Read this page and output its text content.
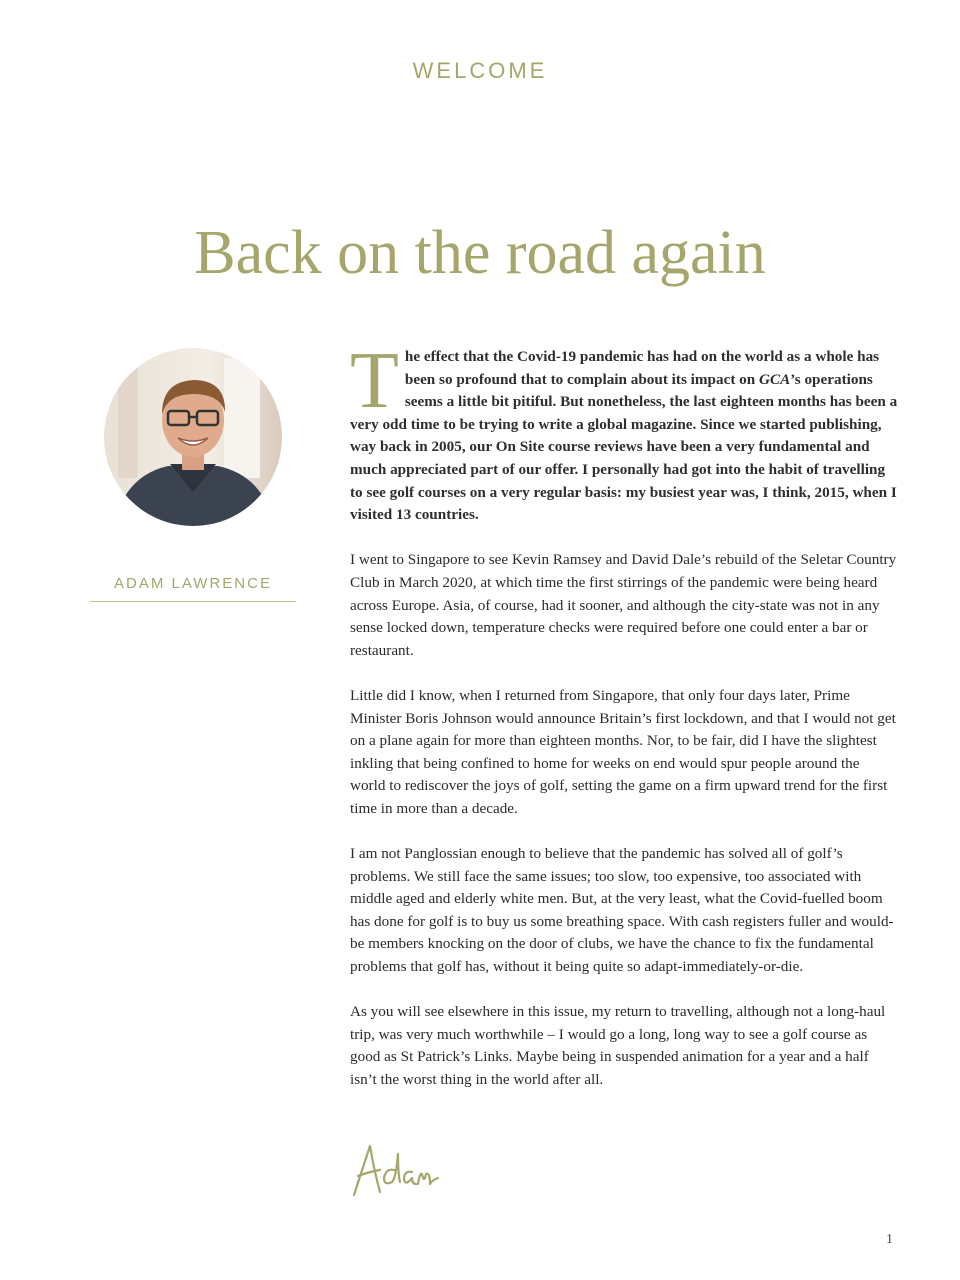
WELCOME
Back on the road again
ADAM LAWRENCE

The effect that the Covid-19 pandemic has had on the world as a whole has been so profound that to complain about its impact on GCA’s operations seems a little bit pitiful. But nonetheless, the last eighteen months has been a very odd time to be trying to write a global magazine. Since we started publishing, way back in 2005, our On Site course reviews have been a very fundamental and much appreciated part of our offer. I personally had got into the habit of travelling to see golf courses on a very regular basis: my busiest year was, I think, 2015, when I visited 13 countries.

I went to Singapore to see Kevin Ramsey and David Dale’s rebuild of the Seletar Country Club in March 2020, at which time the first stirrings of the pandemic were being heard across Europe. Asia, of course, had it sooner, and although the city-state was not in any sense locked down, temperature checks were required before one could enter a bar or restaurant.

Little did I know, when I returned from Singapore, that only four days later, Prime Minister Boris Johnson would announce Britain’s first lockdown, and that I would not get on a plane again for more than eighteen months. Nor, to be fair, did I have the slightest inkling that being confined to home for weeks on end would spur people around the world to rediscover the joys of golf, setting the game on a firm upward trend for the first time in more than a decade.

I am not Panglossian enough to believe that the pandemic has solved all of golf’s problems. We still face the same issues; too slow, too expensive, too associated with middle aged and elderly white men. But, at the very least, what the Covid-fuelled boom has done for golf is to buy us some breathing space. With cash registers fuller and would-be members knocking on the door of clubs, we have the chance to fix the fundamental problems that golf has, without it being quite so adapt-immediately-or-die.

As you will see elsewhere in this issue, my return to travelling, although not a long-haul trip, was very much worthwhile – I would go a long, long way to see a golf course as good as St Patrick’s Links. Maybe being in suspended animation for a year and a half isn’t the worst thing in the world after all.

1
